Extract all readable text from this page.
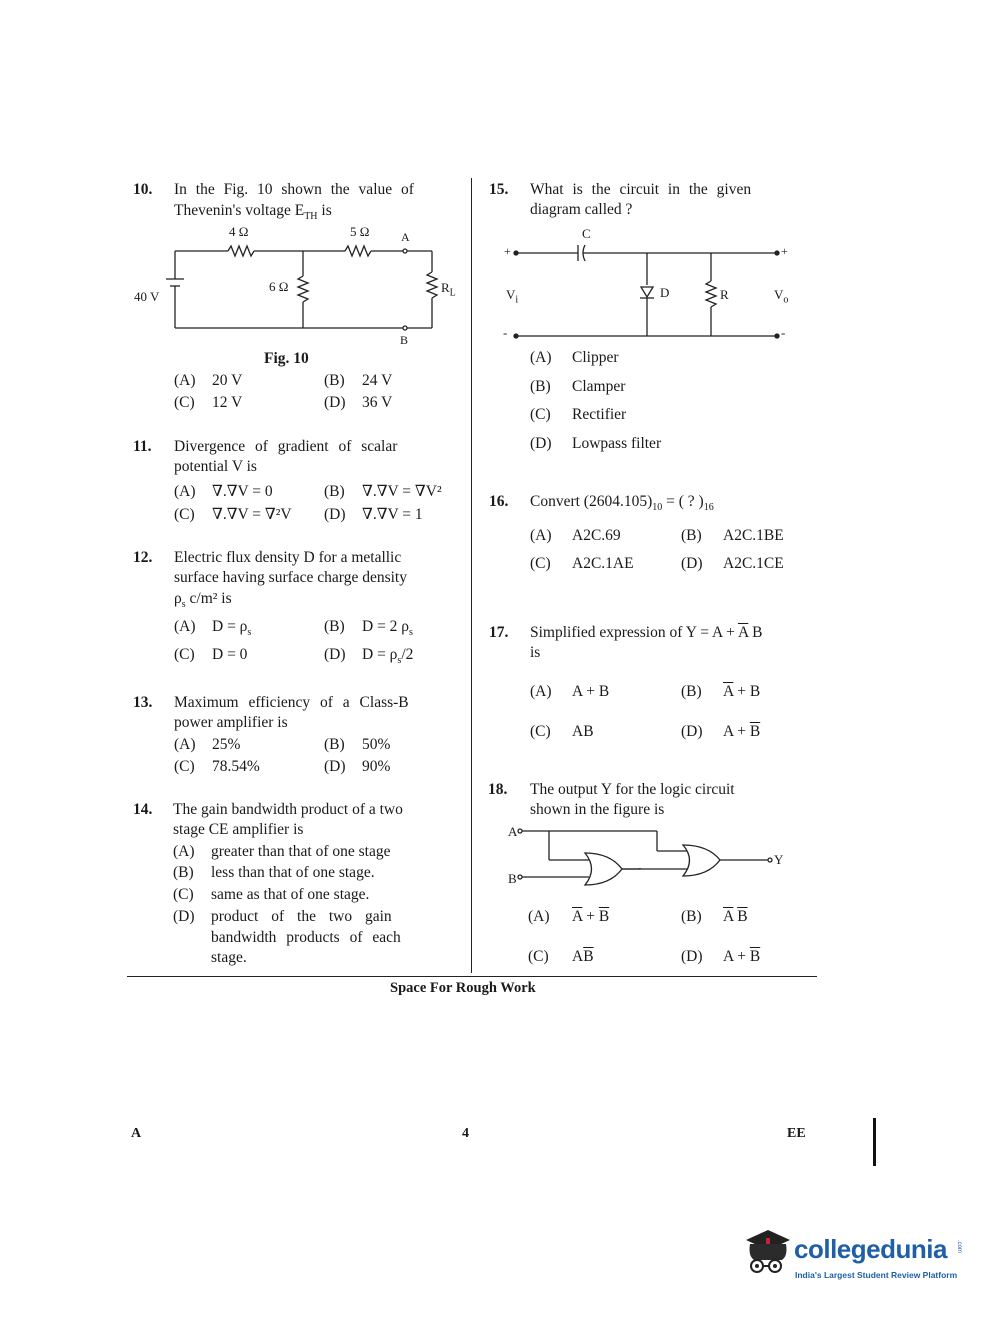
10. In the Fig. 10 shown the value of
Thevenin's voltage $E_{TH}$ is
4 Ω	5 Ω	A
40 V
6 Ω	$R_L$
B
Fig. 10
(A) 20 V	(B) 24 V
(C) 12 V	(D) 36 V
11. Divergence of gradient of scalar
potential V is
(A) ∇.∇V = 0	(B) ∇.∇V = ∇V²
(C) ∇.∇V = ∇²V (D) ∇.∇V = 1
12. Electric flux density D for a metallic
surface having surface charge density
$\rho_s$ c/m² is
(A) $D = \rho_s$	(B) D = 2 $\rho_s$
(C) D = 0	(D) $D = \rho_s/2$
13. Maximum efficiency of a Class-B
power amplifier is
(A) 25%	(B) 50%
(C) 78.54%	(D) 90%
14. The gain bandwidth product of a two
stage CE amplifier is
(A) greater than that of one stage
(B) less than that of one stage.
(C) same as that of one stage.
(D) product of the two gain
bandwidth products of each
stage.
15. What is the circuit in the given
diagram called ?
C
+	+
$V_i$
D	R	$V_o$
-	-
(A) Clipper
(B) Clamper
(C) Rectifier
(D) Lowpass filter
16. Convert $(2604.105)_{10}$ = ( ? )$_{16}$
(A) A2C.69	(B) A2C.1BE
(C) A2C.1AE	(D) A2C.1CE
17. Simplified expression of $Y = A + \overline{A}$ B
is
(A) A + B	(B) $\overline{A} + B$
(C) AB	(D) $A + \overline{B}$
18. The output Y for the logic circuit
shown in the figure is
A
B
Y
(A) $\overline{A} + \overline{B}$	(B) $\overline{A}$ $\overline{B}$
(C) $A\overline{B}$	(D) $A + \overline{B}$
Space For Rough Work
A	4	EE
collegedunia .com
India's Largest Student Review Platform
